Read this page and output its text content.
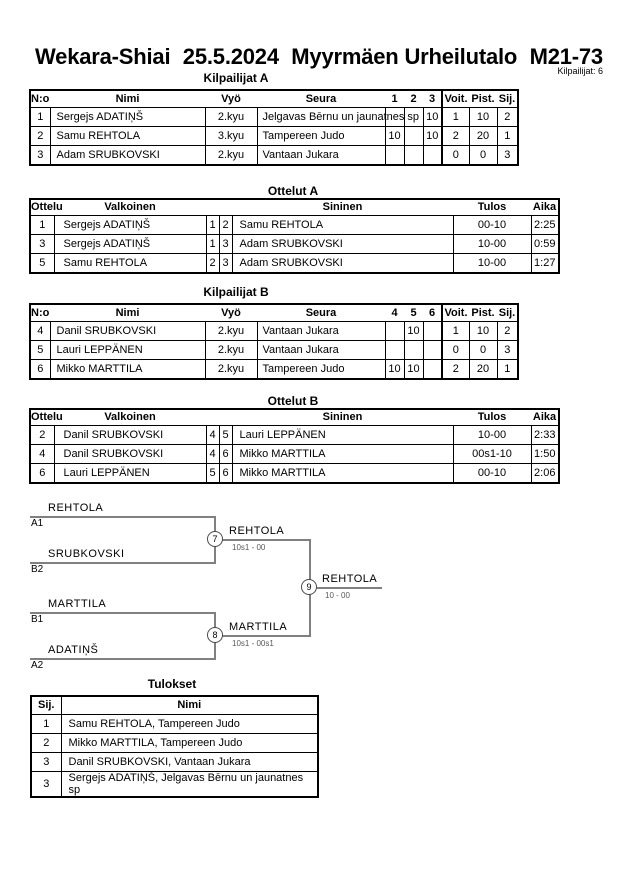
Wekara-Shiai 25.5.2024 Myyrmäen Urheilutalo M21-73
Kilpailijat: 6
Kilpailijat A
Ottelut A
Kilpailijat B
Ottelut B
Tulokset
N:o	Nimi	Vyö	Seura	1	2	3	Voit.	Pist.	Sij.
1	Sergejs ADATIŅŠ	2.kyu	Jelgavas Bērnu un jaunatnes sp			10	1	10	2
2	Samu REHTOLA	3.kyu	Tampereen Judo	10		10	2	20	1
3	Adam SRUBKOVSKI	2.kyu	Vantaan Jukara				0	0	3
Ottelu	Valkoinen			Sininen	Tulos	Aika
1	Sergejs ADATIŅŠ	1	2	Samu REHTOLA	00-10	2:25
3	Sergejs ADATIŅŠ	1	3	Adam SRUBKOVSKI	10-00	0:59
5	Samu REHTOLA	2	3	Adam SRUBKOVSKI	10-00	1:27
N:o	Nimi	Vyö	Seura	4	5	6	Voit.	Pist.	Sij.
4	Danil SRUBKOVSKI	2.kyu	Vantaan Jukara		10		1	10	2
5	Lauri LEPPÄNEN	2.kyu	Vantaan Jukara				0	0	3
6	Mikko MARTTILA	2.kyu	Tampereen Judo	10	10		2	20	1
Ottelu	Valkoinen			Sininen	Tulos	Aika
2	Danil SRUBKOVSKI	4	5	Lauri LEPPÄNEN	10-00	2:33
4	Danil SRUBKOVSKI	4	6	Mikko MARTTILA	00s1-10	1:50
6	Lauri LEPPÄNEN	5	6	Mikko MARTTILA	00-10	2:06
7
8
9
REHTOLA
A1
SRUBKOVSKI
B2
MARTTILA
B1
ADATIŅŠ
A2
REHTOLA
10s1 - 00
MARTTILA
10s1 - 00s1
REHTOLA
10 - 00
Sij.	Nimi
1	Samu REHTOLA, Tampereen Judo
2	Mikko MARTTILA, Tampereen Judo
3	Danil SRUBKOVSKI, Vantaan Jukara
3	Sergejs ADATIŅŠ, Jelgavas Bērnu un jaunatnes sp
